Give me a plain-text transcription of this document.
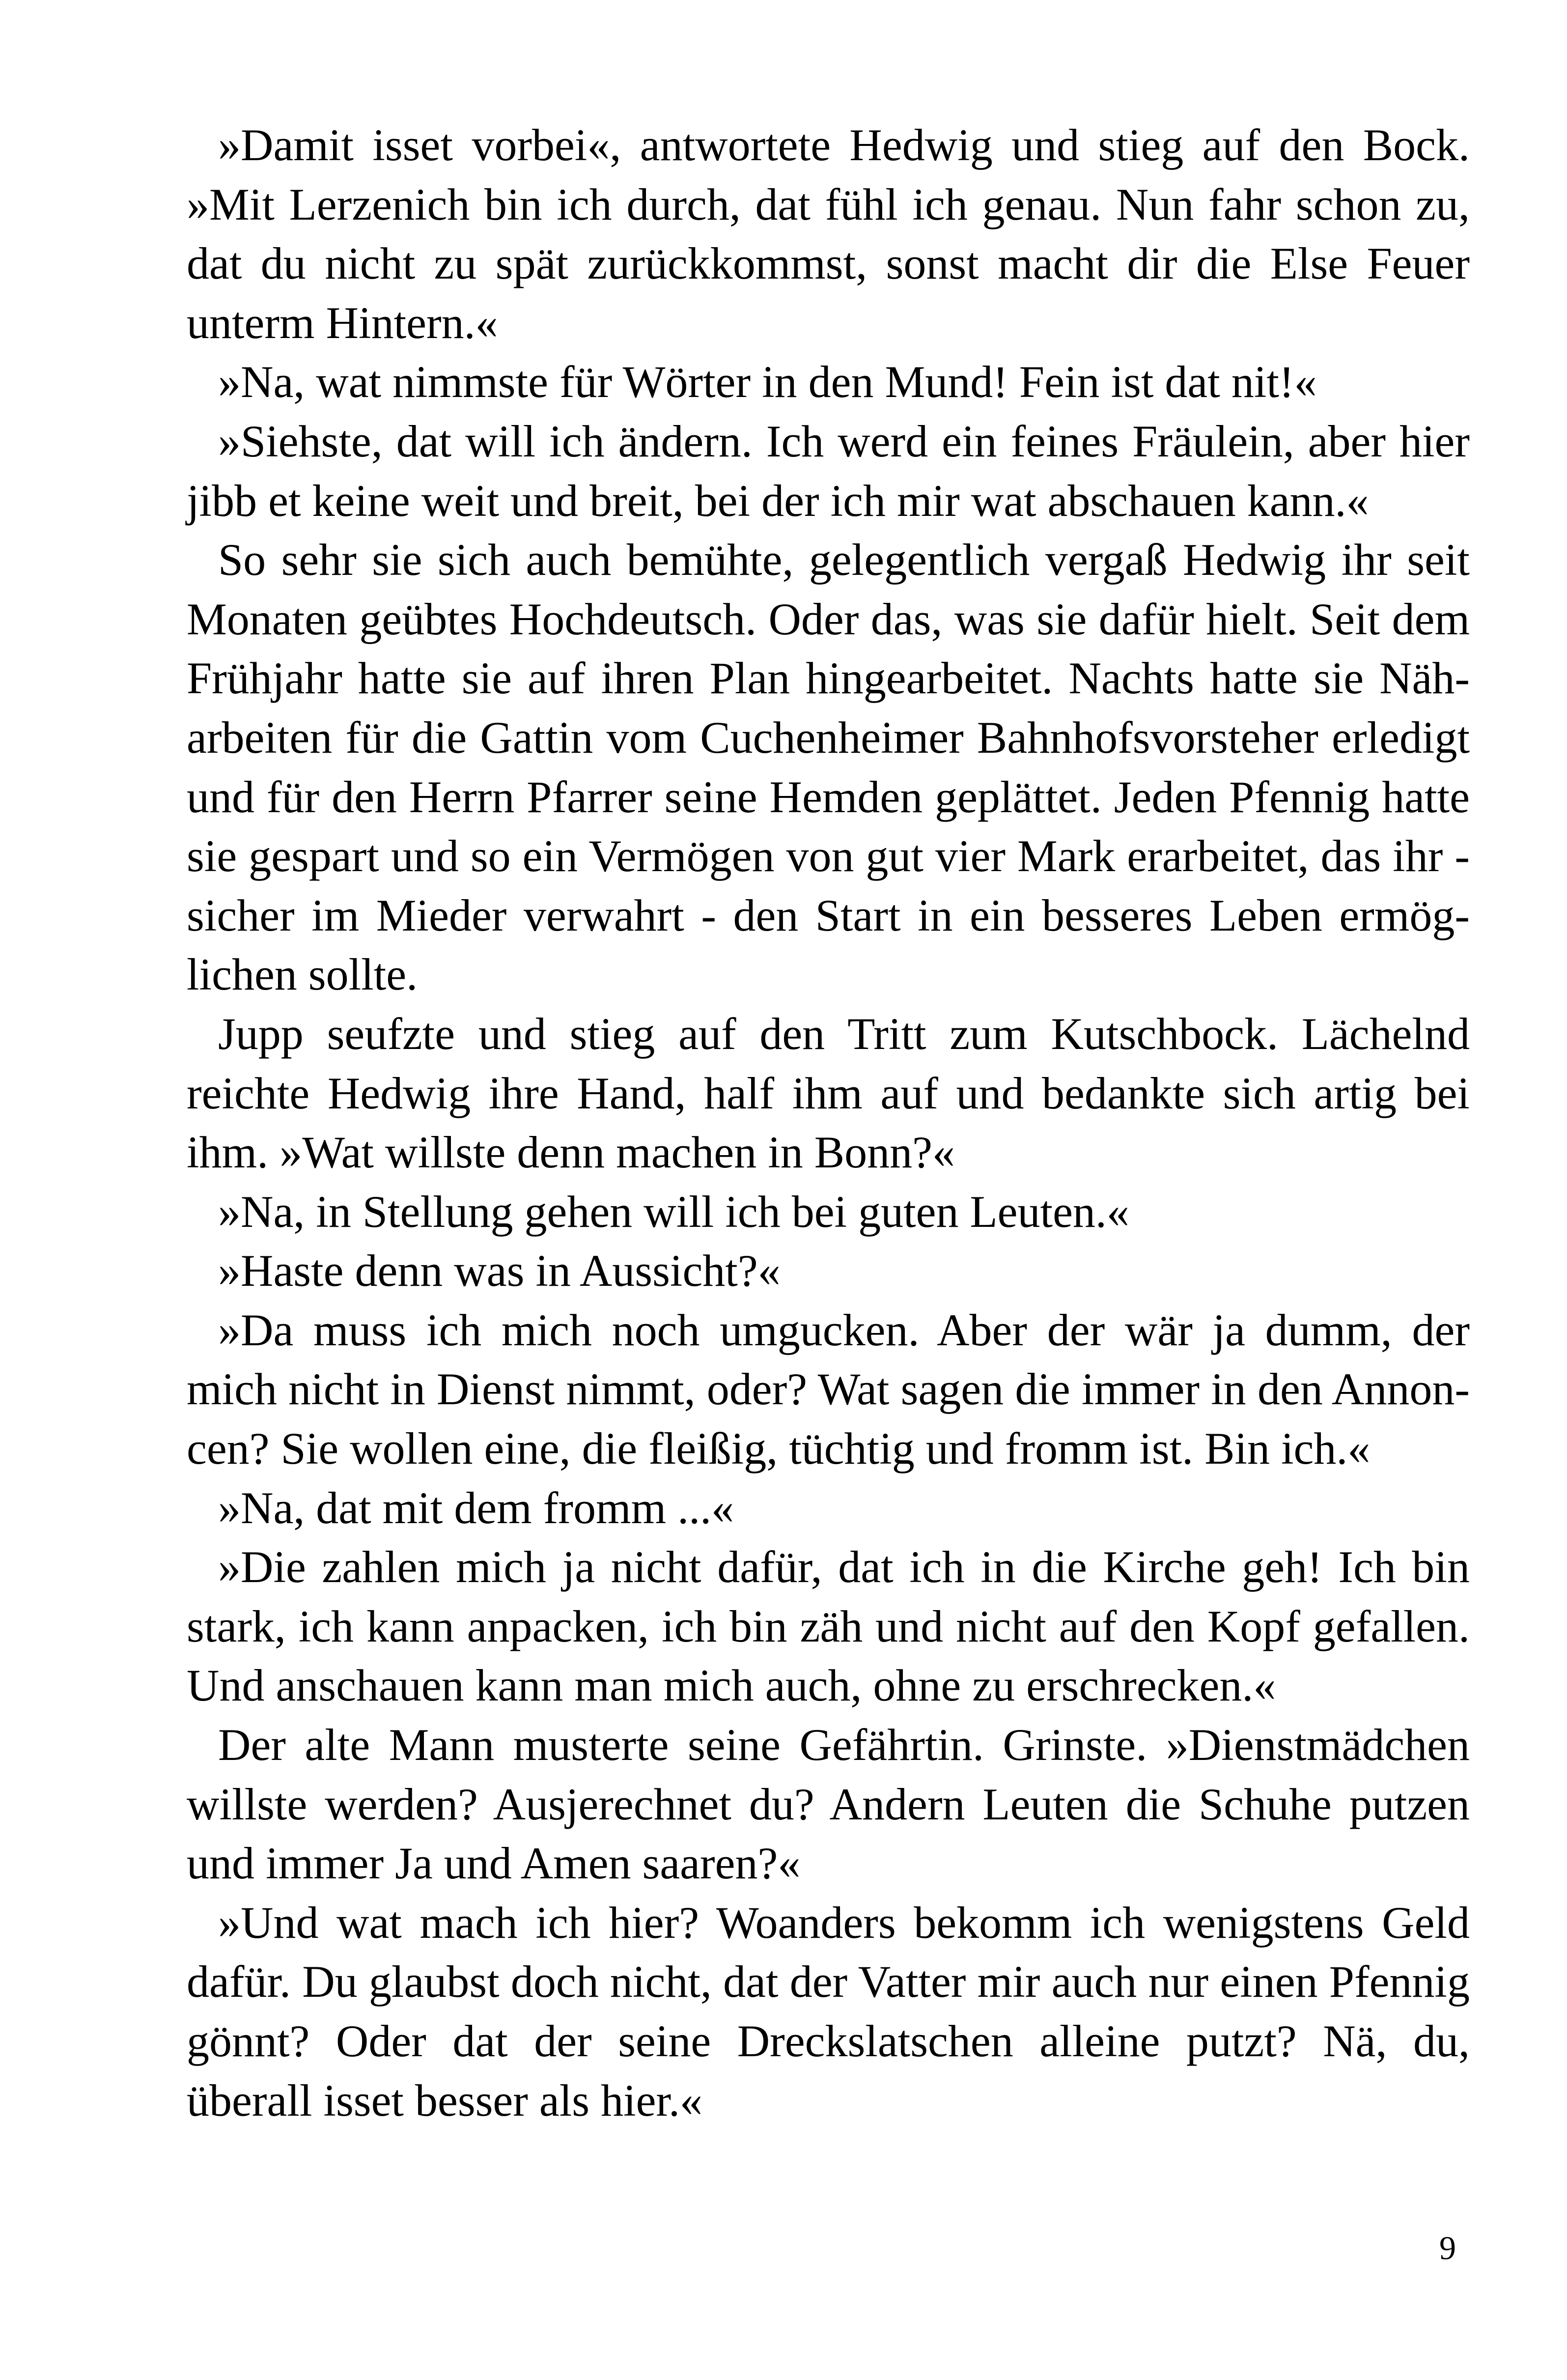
»Damit isset vorbei«, antwortete Hedwig und stieg auf den Bock. »Mit Lerzenich bin ich durch, dat fühl ich genau. Nun fahr schon zu, dat du nicht zu spät zurückkommst, sonst macht dir die Else Feuer unterm Hintern.«

»Na, wat nimmste für Wörter in den Mund! Fein ist dat nit!«

»Siehste, dat will ich ändern. Ich werd ein feines Fräulein, aber hier jibb et keine weit und breit, bei der ich mir wat abschauen kann.«

So sehr sie sich auch bemühte, gelegentlich vergaß Hedwig ihr seit Monaten geübtes Hochdeutsch. Oder das, was sie dafür hielt. Seit dem Frühjahr hatte sie auf ihren Plan hingearbeitet. Nachts hatte sie Näharbeiten für die Gattin vom Cuchenheimer Bahnhofsvorsteher erledigt und für den Herrn Pfarrer seine Hemden geplättet. Jeden Pfennig hatte sie gespart und so ein Vermögen von gut vier Mark erarbeitet, das ihr - sicher im Mieder verwahrt - den Start in ein besseres Leben ermöglichen sollte.

Jupp seufzte und stieg auf den Tritt zum Kutschbock. Lächelnd reichte Hedwig ihre Hand, half ihm auf und bedankte sich artig bei ihm. »Wat willste denn machen in Bonn?«

»Na, in Stellung gehen will ich bei guten Leuten.«

»Haste denn was in Aussicht?«

»Da muss ich mich noch umgucken. Aber der wär ja dumm, der mich nicht in Dienst nimmt, oder? Wat sagen die immer in den Annoncen? Sie wollen eine, die fleißig, tüchtig und fromm ist. Bin ich.«

»Na, dat mit dem fromm ...«

»Die zahlen mich ja nicht dafür, dat ich in die Kirche geh! Ich bin stark, ich kann anpacken, ich bin zäh und nicht auf den Kopf gefallen. Und anschauen kann man mich auch, ohne zu erschrecken.«

Der alte Mann musterte seine Gefährtin. Grinste. »Dienstmädchen willste werden? Ausjerechnet du? Andern Leuten die Schuhe putzen und immer Ja und Amen saaren?«

»Und wat mach ich hier? Woanders bekomm ich wenigstens Geld dafür. Du glaubst doch nicht, dat der Vatter mir auch nur einen Pfennig gönnt? Oder dat der seine Dreckslatschen alleine putzt? Nä, du, überall isset besser als hier.«

9
